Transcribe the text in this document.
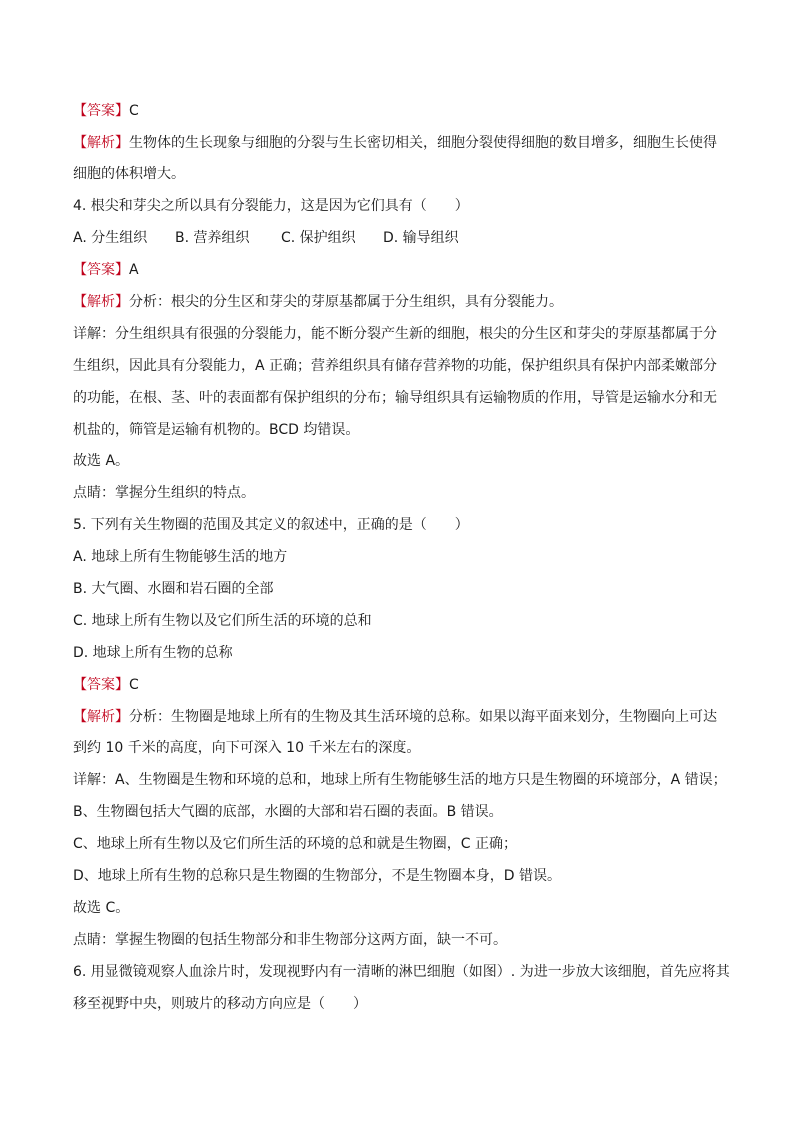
【答案】C
【解析】生物体的生长现象与细胞的分裂与生长密切相关，细胞分裂使得细胞的数目增多，细胞生长使得
细胞的体积增大。
4. 根尖和芽尖之所以具有分裂能力，这是因为它们具有（　　）
A. 分生组织 B. 营养组织 C. 保护组织 D. 输导组织
【答案】A
【解析】分析：根尖的分生区和芽尖的芽原基都属于分生组织，具有分裂能力。
详解：分生组织具有很强的分裂能力，能不断分裂产生新的细胞，根尖的分生区和芽尖的芽原基都属于分
生组织，因此具有分裂能力，A 正确；营养组织具有储存营养物的功能，保护组织具有保护内部柔嫩部分
的功能，在根、茎、叶的表面都有保护组织的分布；输导组织具有运输物质的作用，导管是运输水分和无
机盐的，筛管是运输有机物的。BCD 均错误。
故选 A。
点睛：掌握分生组织的特点。
5. 下列有关生物圈的范围及其定义的叙述中，正确的是（　　）
A. 地球上所有生物能够生活的地方
B. 大气圈、水圈和岩石圈的全部
C. 地球上所有生物以及它们所生活的环境的总和
D. 地球上所有生物的总称
【答案】C
【解析】分析：生物圈是地球上所有的生物及其生活环境的总称。如果以海平面来划分，生物圈向上可达
到约 10 千米的高度，向下可深入 10 千米左右的深度。
详解：A、生物圈是生物和环境的总和，地球上所有生物能够生活的地方只是生物圈的环境部分，A 错误；
B、生物圈包括大气圈的底部，水圈的大部和岩石圈的表面。B 错误。
C、地球上所有生物以及它们所生活的环境的总和就是生物圈，C 正确；
D、地球上所有生物的总称只是生物圈的生物部分，不是生物圈本身，D 错误。
故选 C。
点睛：掌握生物圈的包括生物部分和非生物部分这两方面，缺一不可。
6. 用显微镜观察人血涂片时，发现视野内有一清晰的淋巴细胞（如图）. 为进一步放大该细胞，首先应将其
移至视野中央，则玻片的移动方向应是（　　）
